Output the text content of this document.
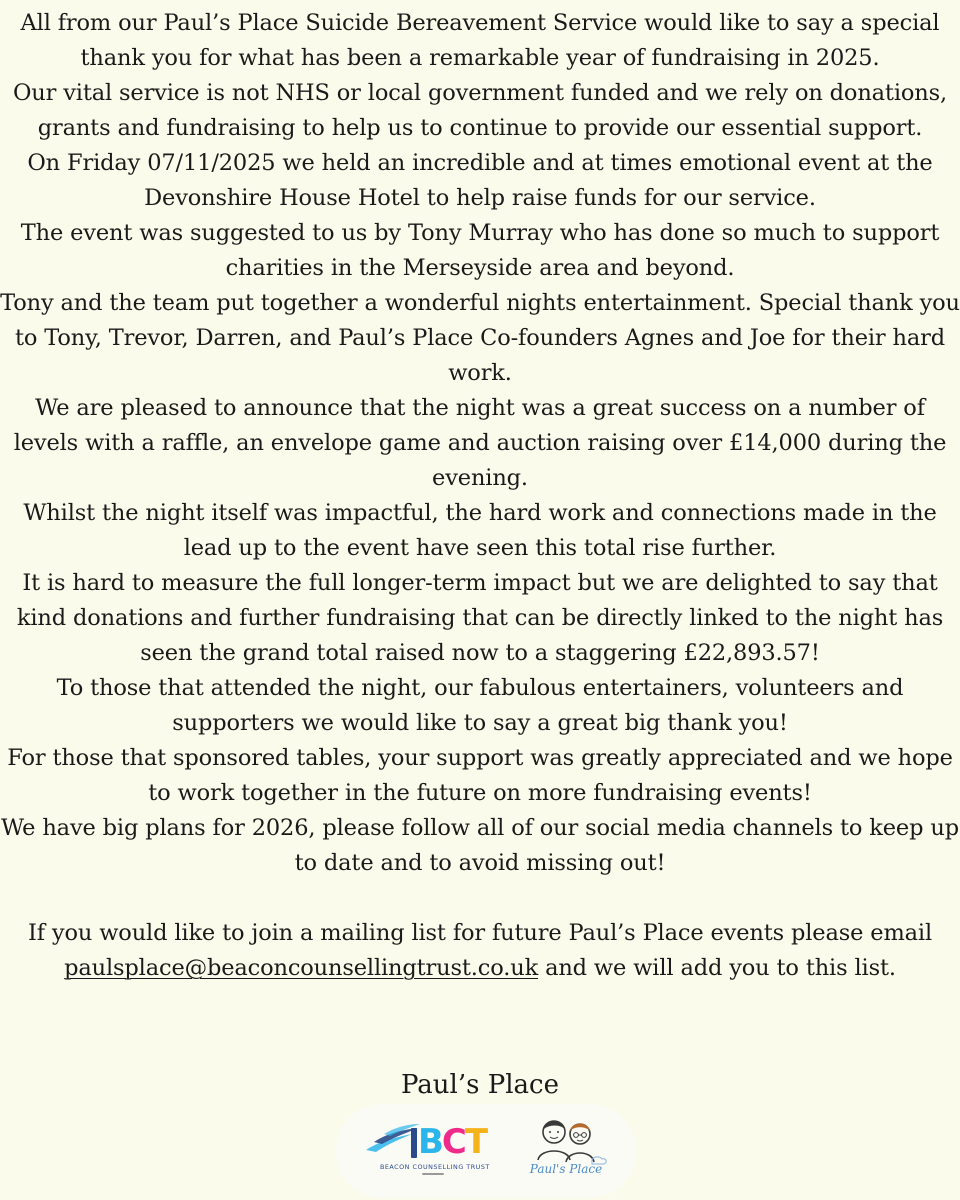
All from our Paul’s Place Suicide Bereavement Service would like to say a special thank you for what has been a remarkable year of fundraising in 2025.

Our vital service is not NHS or local government funded and we rely on donations, grants and fundraising to help us to continue to provide our essential support.

On Friday 07/11/2025 we held an incredible and at times emotional event at the Devonshire House Hotel to help raise funds for our service.

The event was suggested to us by Tony Murray who has done so much to support charities in the Merseyside area and beyond.

Tony and the team put together a wonderful nights entertainment. Special thank you to Tony, Trevor, Darren, and Paul’s Place Co-founders Agnes and Joe for their hard work.

We are pleased to announce that the night was a great success on a number of levels with a raffle, an envelope game and auction raising over £14,000 during the evening.

Whilst the night itself was impactful, the hard work and connections made in the lead up to the event have seen this total rise further.

It is hard to measure the full longer-term impact but we are delighted to say that kind donations and further fundraising that can be directly linked to the night has seen the grand total raised now to a staggering £22,893.57!

To those that attended the night, our fabulous entertainers, volunteers and supporters we would like to say a great big thank you!

For those that sponsored tables, your support was greatly appreciated and we hope to work together in the future on more fundraising events!

We have big plans for 2026, please follow all of our social media channels to keep up to date and to avoid missing out!

If you would like to join a mailing list for future Paul’s Place events please email
paulsplace@beaconcounsellingtrust.co.uk and we will add you to this list.

Paul’s Place
BCT
BEACON COUNSELLING TRUST	Paul's Place
